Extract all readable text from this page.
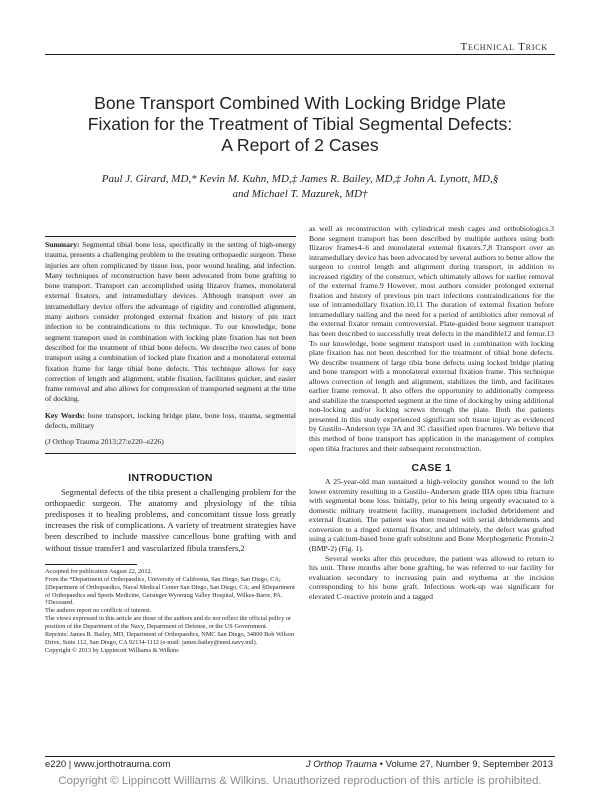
Technical Trick
Bone Transport Combined With Locking Bridge Plate
Fixation for the Treatment of Tibial Segmental Defects:
A Report of 2 Cases
Paul J. Girard, MD,* Kevin M. Kuhn, MD,‡ James R. Bailey, MD,‡ John A. Lynott, MD,§
and Michael T. Mazurek, MD†

Summary: Segmental tibial bone loss, specifically in the setting of high-energy trauma, presents a challenging problem to the treating orthopaedic surgeon. These injuries are often complicated by tissue loss, poor wound healing, and infection. Many techniques of reconstruction have been advocated from bone grafting to bone transport. Transport can accomplished using Ilizarov frames, monolateral external fixators, and intramedullary devices. Although transport over an intramedullary device offers the advantage of rigidity and controlled alignment, many authors consider prolonged external fixation and history of pin tract infection to be contraindications to this technique. To our knowledge, bone segment transport used in combination with locking plate fixation has not been described for the treatment of tibial bone defects. We describe two cases of bone transport using a combination of locked plate fixation and a monolateral external fixation frame for large tibial bone defects. This technique allows for easy correction of length and alignment, stable fixation, facilitates quicker, and easier frame removal and also allows for compression of transported segment at the time of docking.

Key Words: bone transport, locking bridge plate, bone loss, trauma, segmental defects, military

(J Orthop Trauma 2013;27:e220–e226)

INTRODUCTION

Segmental defects of the tibia present a challenging problem for the orthopaedic surgeon. The anatomy and physiology of the tibia predisposes it to healing problems, and concomitant tissue loss greatly increases the risk of complications. A variety of treatment strategies have been described to include massive cancellous bone grafting with and without tissue transfer1 and vascularized fibula transfers,2

Accepted for publication August 22, 2012.

From the *Department of Orthopaedics, University of California, San Diego, San Diego, CA; ‡Department of Orthopaedics, Naval Medical Center San Diego, San Diego, CA; and §Department of Orthopaedics and Sports Medicine, Geisinger Wyoming Valley Hospital, Wilkes-Barre, PA.

†Deceased.

The authors report no conflicts of interest.

The views expressed in this article are those of the authors and do not reflect the official policy or position of the Department of the Navy, Department of Defense, or the US Government.

Reprints: James R. Bailey, MD, Department of Orthopaedics, NMC San Diego, 34800 Bob Wilson Drive, Suite 112, San Diego, CA 92134-1112 (e-mail: james.bailey@med.navy.mil).

Copyright © 2013 by Lippincott Williams & Wilkins

as well as reconstruction with cylindrical mesh cages and orthobiologics.3 Bone segment transport has been described by multiple authors using both Ilizarov frames4–6 and monolateral external fixators.7,8 Transport over an intramedullary device has been advocated by several authors to better allow the surgeon to control length and alignment during transport, in addition to increased rigidity of the construct, which ultimately allows for earlier removal of the external frame.9 However, most authors consider prolonged external fixation and history of previous pin tract infections contraindications for the use of intramedullary fixation.10,11 The duration of external fixation before intramedullary nailing and the need for a period of antibiotics after removal of the external fixator remain controversial. Plate-guided bone segment transport has been described to successfully treat defects in the mandible12 and femur.13 To our knowledge, bone segment transport used in combination with locking plate fixation has not been described for the treatment of tibial bone defects. We describe treatment of large tibia bone defects using locked bridge plating and bone transport with a monolateral external fixation frame. This technique allows correction of length and alignment, stabilizes the limb, and facilitates earlier frame removal. It also offers the opportunity to additionally compress and stabilize the transported segment at the time of docking by using additional non-locking and/or locking screws through the plate. Both the patients presented in this study experienced significant soft tissue injury as evidenced by Gustilo–Anderson type 3A and 3C classified open fractures. We believe that this method of bone transport has application in the management of complex open tibia fractures and their subsequent reconstruction.

CASE 1

A 25-year-old man sustained a high-velocity gunshot wound to the left lower extremity resulting in a Gustilo–Anderson grade IIIA open tibia fracture with segmental bone loss. Initially, prior to his being urgently evacuated to a domestic military treatment facility, management included debridement and external fixation. The patient was then treated with serial debridements and conversion to a ringed external fixator, and ultimately, the defect was grafted using a calcium-based bone graft substitute and Bone Morphogenetic Protein-2 (BMP-2) (Fig. 1).

Several weeks after this procedure, the patient was allowed to return to his unit. Three months after bone grafting, he was referred to our facility for evaluation secondary to increasing pain and erythema at the incision corresponding to his bone graft. Infectious work-up was significant for elevated C-reactive protein and a tagged

e220 | www.jorthotrauma.com	J Orthop Trauma • Volume 27, Number 9, September 2013
Copyright © Lippincott Williams & Wilkins. Unauthorized reproduction of this article is prohibited.
